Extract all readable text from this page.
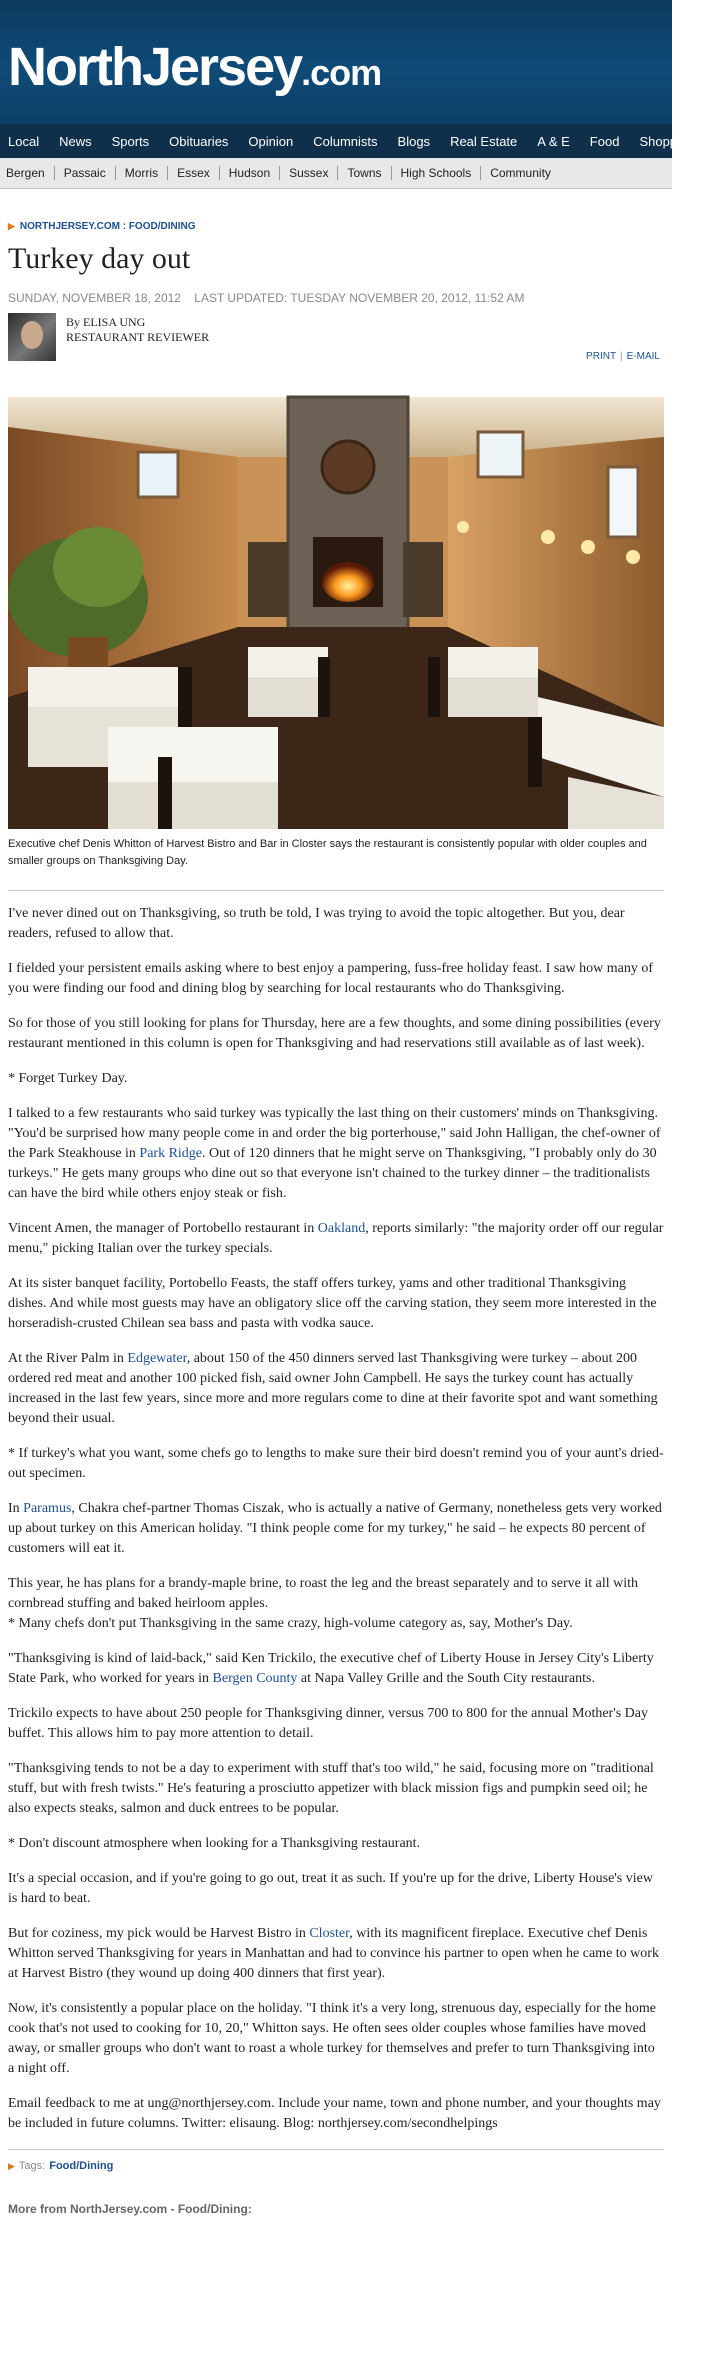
NorthJersey.com
Local	News	Sports	Obituaries	Opinion	Columnists	Blogs	Real Estate	A & E	Food	Shopping
Bergen	Passaic	Morris	Essex	Hudson	Sussex	Towns	High Schools	Community
▶ NORTHJERSEY.COM : FOOD/DINING
Turkey day out
SUNDAY, NOVEMBER 18, 2012    LAST UPDATED: TUESDAY NOVEMBER 20, 2012, 11:52 AM
By ELISA UNG
RESTAURANT REVIEWER
PRINT | E-MAIL
Executive chef Denis Whitton of Harvest Bistro and Bar in Closter says the restaurant is consistently popular with older couples and smaller groups on Thanksgiving Day.

I've never dined out on Thanksgiving, so truth be told, I was trying to avoid the topic altogether. But you, dear readers, refused to allow that.

I fielded your persistent emails asking where to best enjoy a pampering, fuss-free holiday feast. I saw how many of you were finding our food and dining blog by searching for local restaurants who do Thanksgiving.

So for those of you still looking for plans for Thursday, here are a few thoughts, and some dining possibilities (every restaurant mentioned in this column is open for Thanksgiving and had reservations still available as of last week).

* Forget Turkey Day.

I talked to a few restaurants who said turkey was typically the last thing on their customers' minds on Thanksgiving. "You'd be surprised how many people come in and order the big porterhouse," said John Halligan, the chef-owner of the Park Steakhouse in Park Ridge. Out of 120 dinners that he might serve on Thanksgiving, "I probably only do 30 turkeys." He gets many groups who dine out so that everyone isn't chained to the turkey dinner – the traditionalists can have the bird while others enjoy steak or fish.

Vincent Amen, the manager of Portobello restaurant in Oakland, reports similarly: "the majority order off our regular menu," picking Italian over the turkey specials.

At its sister banquet facility, Portobello Feasts, the staff offers turkey, yams and other traditional Thanksgiving dishes. And while most guests may have an obligatory slice off the carving station, they seem more interested in the horseradish-crusted Chilean sea bass and pasta with vodka sauce.

At the River Palm in Edgewater, about 150 of the 450 dinners served last Thanksgiving were turkey – about 200 ordered red meat and another 100 picked fish, said owner John Campbell. He says the turkey count has actually increased in the last few years, since more and more regulars come to dine at their favorite spot and want something beyond their usual.

* If turkey's what you want, some chefs go to lengths to make sure their bird doesn't remind you of your aunt's dried-out specimen.

In Paramus, Chakra chef-partner Thomas Ciszak, who is actually a native of Germany, nonetheless gets very worked up about turkey on this American holiday. "I think people come for my turkey," he said – he expects 80 percent of customers will eat it.

This year, he has plans for a brandy-maple brine, to roast the leg and the breast separately and to serve it all with cornbread stuffing and baked heirloom apples.
* Many chefs don't put Thanksgiving in the same crazy, high-volume category as, say, Mother's Day.

"Thanksgiving is kind of laid-back," said Ken Trickilo, the executive chef of Liberty House in Jersey City's Liberty State Park, who worked for years in Bergen County at Napa Valley Grille and the South City restaurants.

Trickilo expects to have about 250 people for Thanksgiving dinner, versus 700 to 800 for the annual Mother's Day buffet. This allows him to pay more attention to detail.

"Thanksgiving tends to not be a day to experiment with stuff that's too wild," he said, focusing more on "traditional stuff, but with fresh twists." He's featuring a prosciutto appetizer with black mission figs and pumpkin seed oil; he also expects steaks, salmon and duck entrees to be popular.

* Don't discount atmosphere when looking for a Thanksgiving restaurant.

It's a special occasion, and if you're going to go out, treat it as such. If you're up for the drive, Liberty House's view is hard to beat.

But for coziness, my pick would be Harvest Bistro in Closter, with its magnificent fireplace. Executive chef Denis Whitton served Thanksgiving for years in Manhattan and had to convince his partner to open when he came to work at Harvest Bistro (they wound up doing 400 dinners that first year).

Now, it's consistently a popular place on the holiday. "I think it's a very long, strenuous day, especially for the home cook that's not used to cooking for 10, 20," Whitton says. He often sees older couples whose families have moved away, or smaller groups who don't want to roast a whole turkey for themselves and prefer to turn Thanksgiving into a night off.

Email feedback to me at ung@northjersey.com. Include your name, town and phone number, and your thoughts may be included in future columns. Twitter: elisaung. Blog: northjersey.com/secondhelpings

▶ Tags: Food/Dining
More from NorthJersey.com - Food/Dining:
